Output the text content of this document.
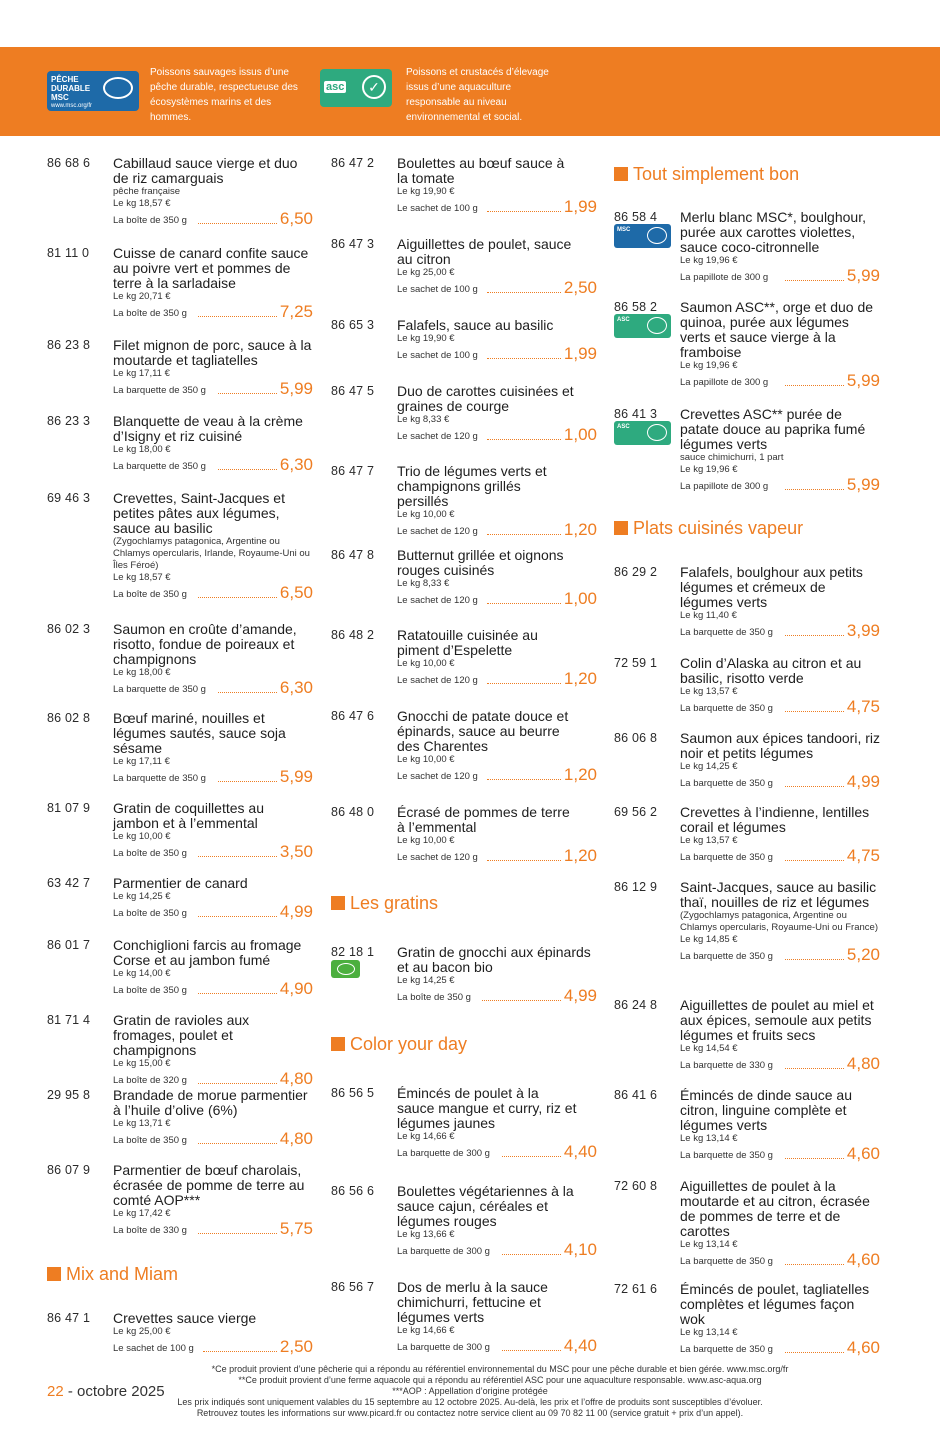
PÊCHE DURABLE MSC
www.msc.org/fr
Poissons sauvages issus d’une pêche durable, respectueuse des écosystèmes marins et des hommes.
asc	✓
Poissons et crustacés d’élevage issus d’une aquaculture responsable au niveau environnemental et social.
86 68 6 Cabillaud sauce vierge et duo de riz camarguais
pêche française
Le kg 18,57 €
La boîte de 350 g	6,50
81 11 0 Cuisse de canard confite sauce au poivre vert et pommes de terre à la sarladaise
Le kg 20,71 €
La boîte de 350 g	7,25
86 23 8 Filet mignon de porc, sauce à la moutarde et tagliatelles
Le kg 17,11 €
La barquette de 350 g	5,99
86 23 3 Blanquette de veau à la crème d’Isigny et riz cuisiné
Le kg 18,00 €
La barquette de 350 g	6,30
69 46 3 Crevettes, Saint-Jacques et petites pâtes aux légumes, sauce au basilic
(Zygochlamys patagonica, Argentine ou Chlamys opercularis, Irlande, Royaume-Uni ou Îles Féroé)
Le kg 18,57 €
La boîte de 350 g	6,50
86 02 3 Saumon en croûte d’amande, risotto, fondue de poireaux et champignons
Le kg 18,00 €
La barquette de 350 g	6,30
86 02 8 Bœuf mariné, nouilles et légumes sautés, sauce soja sésame
Le kg 17,11 €
La barquette de 350 g	5,99
81 07 9 Gratin de coquillettes au jambon et à l’emmental
Le kg 10,00 €
La boîte de 350 g	3,50
63 42 7 Parmentier de canard
Le kg 14,25 €
La boîte de 350 g	4,99
86 01 7 Conchiglioni farcis au fromage Corse et au jambon fumé
Le kg 14,00 €
La boîte de 350 g	4,90
81 71 4 Gratin de ravioles aux fromages, poulet et champignons
Le kg 15,00 €
La boîte de 320 g	4,80
29 95 8 Brandade de morue parmentier à l’huile d’olive (6%)
Le kg 13,71 €
La boîte de 350 g	4,80
86 07 9 Parmentier de bœuf charolais, écrasée de pomme de terre au comté AOP***
Le kg 17,42 €
La boîte de 330 g	5,75
Mix and Miam
86 47 1 Crevettes sauce vierge
Le kg 25,00 €
Le sachet de 100 g	2,50
86 47 2 Boulettes au bœuf sauce à la tomate
Le kg 19,90 €
Le sachet de 100 g	1,99
86 47 3 Aiguillettes de poulet, sauce au citron
Le kg 25,00 €
Le sachet de 100 g	2,50
86 65 3 Falafels, sauce au basilic
Le kg 19,90 €
Le sachet de 100 g	1,99
86 47 5 Duo de carottes cuisinées et graines de courge
Le kg 8,33 €
Le sachet de 120 g	1,00
86 47 7 Trio de légumes verts et champignons grillés persillés
Le kg 10,00 €
Le sachet de 120 g	1,20
86 47 8 Butternut grillée et oignons rouges cuisinés
Le kg 8,33 €
Le sachet de 120 g	1,00
86 48 2 Ratatouille cuisinée au piment d’Espelette
Le kg 10,00 €
Le sachet de 120 g	1,20
86 47 6 Gnocchi de patate douce et épinards, sauce au beurre des Charentes
Le kg 10,00 €
Le sachet de 120 g	1,20
86 48 0 Écrasé de pommes de terre à l’emmental
Le kg 10,00 €
Le sachet de 120 g	1,20
Les gratins
82 18 1 Gratin de gnocchi aux épinards et au bacon bio
Le kg 14,25 €
La boîte de 350 g	4,99
Color your day
86 56 5 Émincés de poulet à la sauce mangue et curry, riz et légumes jaunes
Le kg 14,66 €
La barquette de 300 g	4,40
86 56 6 Boulettes végétariennes à la sauce cajun, céréales et légumes rouges
Le kg 13,66 €
La barquette de 300 g	4,10
86 56 7 Dos de merlu à la sauce chimichurri, fettucine et légumes verts
Le kg 14,66 €
La barquette de 300 g	4,40
Tout simplement bon
86 58 4
MSC
Merlu blanc MSC*, boulghour, purée aux carottes violettes, sauce coco-citronnelle
Le kg 19,96 €
La papillote de 300 g	5,99
86 58 2
ASC
Saumon ASC**, orge et duo de quinoa, purée aux légumes verts et sauce vierge à la framboise
Le kg 19,96 €
La papillote de 300 g	5,99
86 41 3
ASC
Crevettes ASC** purée de patate douce au paprika fumé légumes verts
sauce chimichurri, 1 part
Le kg 19,96 €
La papillote de 300 g	5,99
Plats cuisinés vapeur
86 29 2 Falafels, boulghour aux petits légumes et crémeux de légumes verts
Le kg 11,40 €
La barquette de 350 g	3,99
72 59 1 Colin d’Alaska au citron et au basilic, risotto verde
Le kg 13,57 €
La barquette de 350 g	4,75
86 06 8 Saumon aux épices tandoori, riz noir et petits légumes
Le kg 14,25 €
La barquette de 350 g	4,99
69 56 2 Crevettes à l’indienne, lentilles corail et légumes
Le kg 13,57 €
La barquette de 350 g	4,75
86 12 9 Saint-Jacques, sauce au basilic thaï, nouilles de riz et légumes
(Zygochlamys patagonica, Argentine ou Chlamys opercularis, Royaume-Uni ou France)
Le kg 14,85 €
La barquette de 350 g	5,20
86 24 8 Aiguillettes de poulet au miel et aux épices, semoule aux petits légumes et fruits secs
Le kg 14,54 €
La barquette de 330 g	4,80
86 41 6 Émincés de dinde sauce au citron, linguine complète et légumes verts
Le kg 13,14 €
La barquette de 350 g	4,60
72 60 8 Aiguillettes de poulet à la moutarde et au citron, écrasée de pommes de terre et de carottes
Le kg 13,14 €
La barquette de 350 g	4,60
72 61 6 Émincés de poulet, tagliatelles complètes et légumes façon wok
Le kg 13,14 €
La barquette de 350 g	4,60
*Ce produit provient d’une pêcherie qui a répondu au référentiel environnemental du MSC pour une pêche durable et bien gérée. www.msc.org/fr
**Ce produit provient d’une ferme aquacole qui a répondu au référentiel ASC pour une aquaculture responsable. www.asc-aqua.org
***AOP : Appellation d’origine protégée
Les prix indiqués sont uniquement valables du 15 septembre au 12 octobre 2025. Au-delà, les prix et l’offre de produits sont susceptibles d’évoluer.
Retrouvez toutes les informations sur www.picard.fr ou contactez notre service client au 09 70 82 11 00 (service gratuit + prix d’un appel).
22 - octobre 2025
